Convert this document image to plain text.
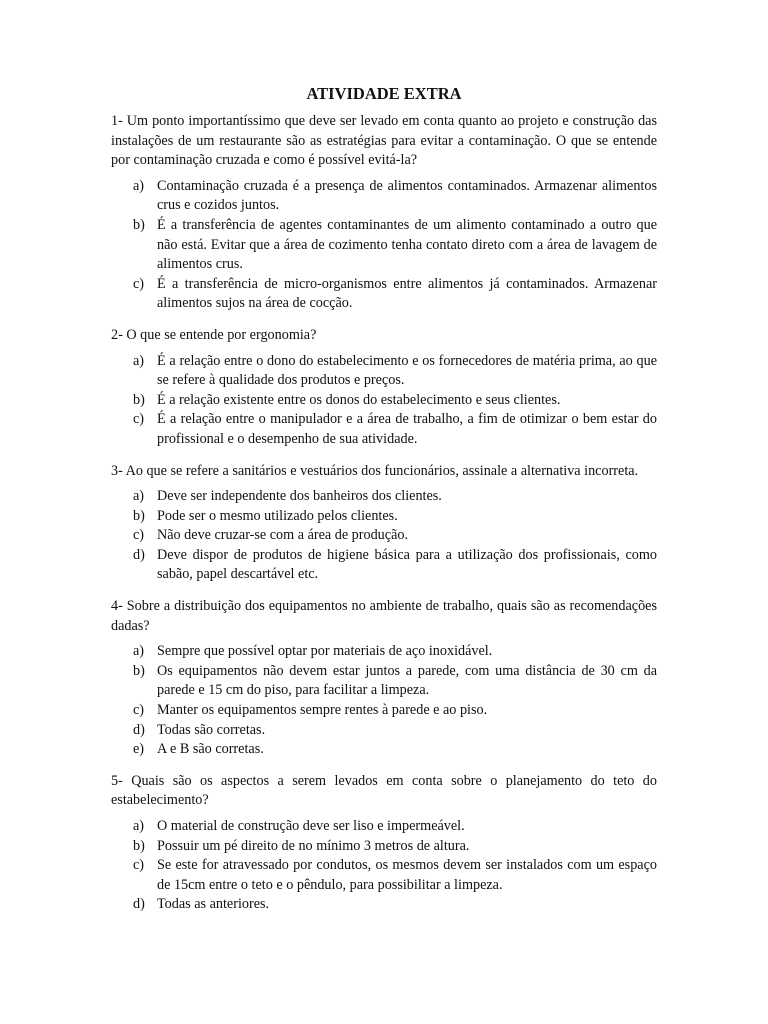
ATIVIDADE EXTRA

1- Um ponto importantíssimo que deve ser levado em conta quanto ao projeto e construção das instalações de um restaurante são as estratégias para evitar a contaminação. O que se entende por contaminação cruzada e como é possível evitá-la?

a) Contaminação cruzada é a presença de alimentos contaminados. Armazenar alimentos crus e cozidos juntos.
b) É a transferência de agentes contaminantes de um alimento contaminado a outro que não está. Evitar que a área de cozimento tenha contato direto com a área de lavagem de alimentos crus.
c) É a transferência de micro-organismos entre alimentos já contaminados. Armazenar alimentos sujos na área de cocção.

2- O que se entende por ergonomia?

a) É a relação entre o dono do estabelecimento e os fornecedores de matéria prima, ao que se refere à qualidade dos produtos e preços.
b) É a relação existente entre os donos do estabelecimento e seus clientes.
c) É a relação entre o manipulador e a área de trabalho, a fim de otimizar o bem estar do profissional e o desempenho de sua atividade.

3- Ao que se refere a sanitários e vestuários dos funcionários, assinale a alternativa incorreta.

a) Deve ser independente dos banheiros dos clientes.
b) Pode ser o mesmo utilizado pelos clientes.
c) Não deve cruzar-se com a área de produção.
d) Deve dispor de produtos de higiene básica para a utilização dos profissionais, como sabão, papel descartável etc.

4- Sobre a distribuição dos equipamentos no ambiente de trabalho, quais são as recomendações dadas?

a) Sempre que possível optar por materiais de aço inoxidável.
b) Os equipamentos não devem estar juntos a parede, com uma distância de 30 cm da parede e 15 cm do piso, para facilitar a limpeza.
c) Manter os equipamentos sempre rentes à parede e ao piso.
d) Todas são corretas.
e) A e B são corretas.

5- Quais são os aspectos a serem levados em conta sobre o planejamento do teto do estabelecimento?

a) O material de construção deve ser liso e impermeável.
b) Possuir um pé direito de no mínimo 3 metros de altura.
c) Se este for atravessado por condutos, os mesmos devem ser instalados com um espaço de 15cm entre o teto e o pêndulo, para possibilitar a limpeza.
d) Todas as anteriores.
